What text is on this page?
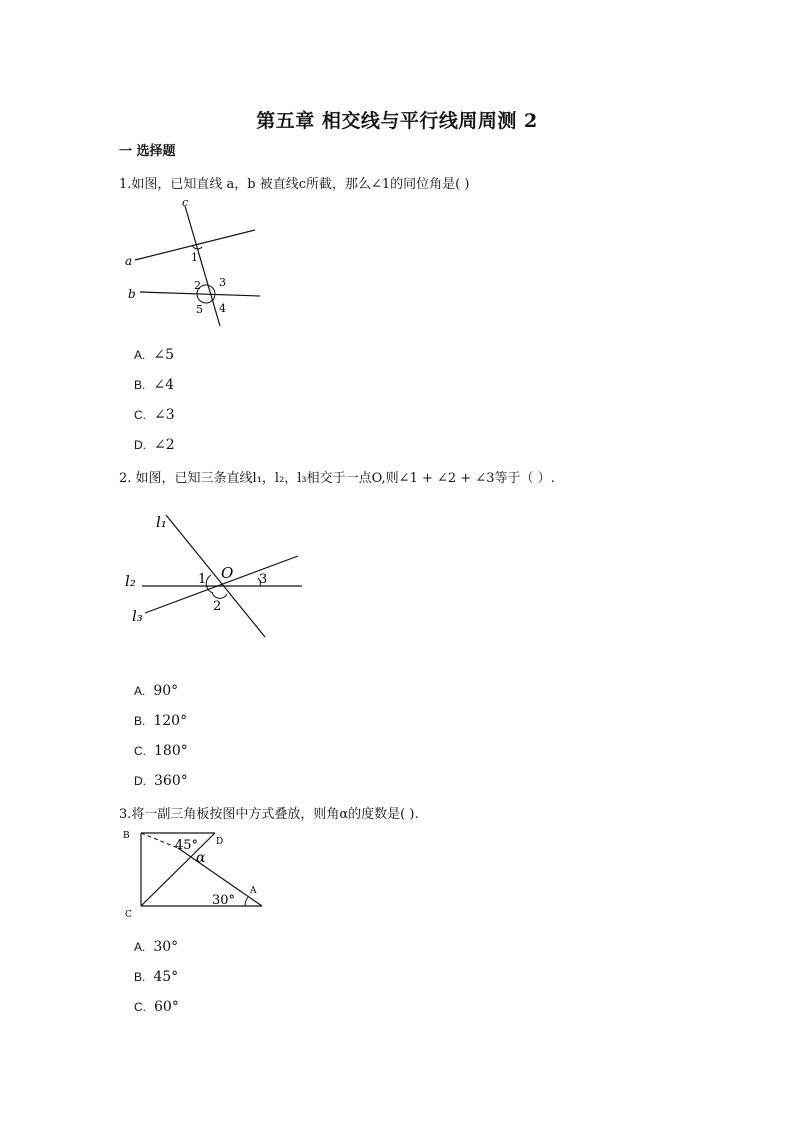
第五章 相交线与平行线周周测 2
一 选择题
1.如图，已知直线 a，b 被直线c所截，那么∠1的同位角是( )
c
a
b
1
2 3
4
5
A. ∠5
B. ∠4
C. ∠3
D. ∠2
2. 如图，已知三条直线l₁，l₂，l₃相交于一点O,则∠1 + ∠2 + ∠3等于（ ）.
l₁
l₂
l₃
O
1
2
3
A. 90°
B. 120°
C. 180°
D. 360°
3.将一副三角板按图中方式叠放，则角α的度数是( ).
B
D
C
A
45°
α
30°
A. 30°
B. 45°
C. 60°
